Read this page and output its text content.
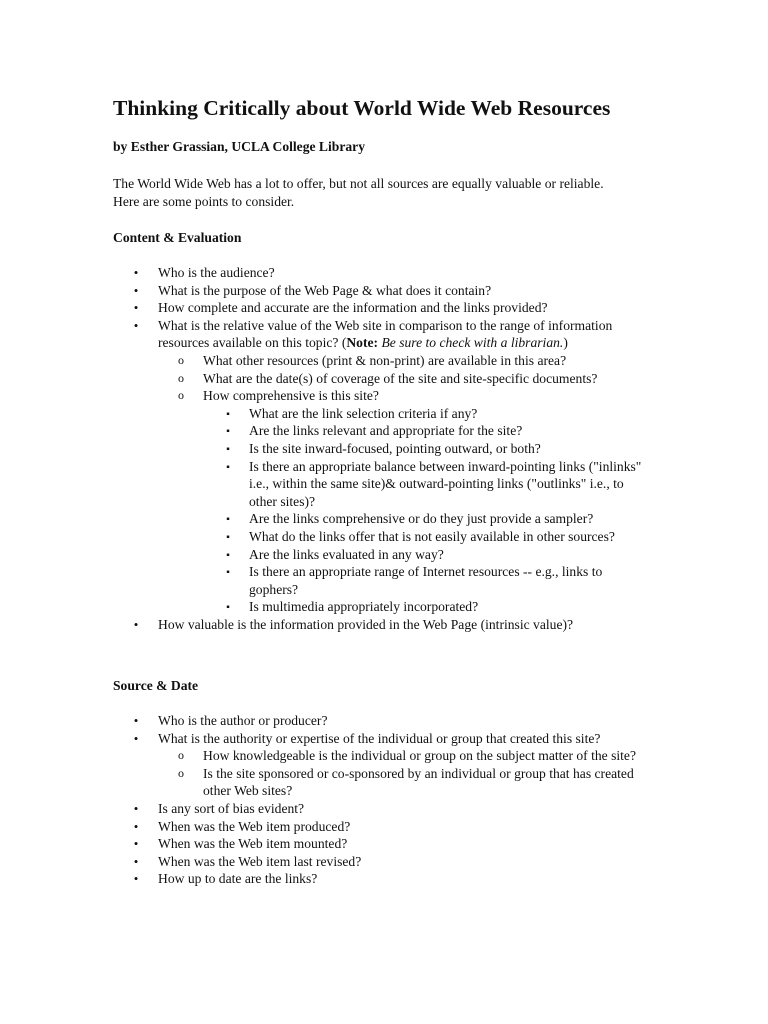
Thinking Critically about World Wide Web Resources

by Esther Grassian, UCLA College Library

The World Wide Web has a lot to offer, but not all sources are equally valuable or reliable. Here are some points to consider.

Content & Evaluation
•	Who is the audience?
•	What is the purpose of the Web Page & what does it contain?
•	How complete and accurate are the information and the links provided?
•	What is the relative value of the Web site in comparison to the range of information resources available on this topic? (Note: Be sure to check with a librarian.)
o What other resources (print & non-print) are available in this area?
o What are the date(s) of coverage of the site and site-specific documents?
o How comprehensive is this site?
▪	What are the link selection criteria if any?
▪	Are the links relevant and appropriate for the site?
▪	Is the site inward-focused, pointing outward, or both?
▪	Is there an appropriate balance between inward-pointing links ("inlinks" i.e., within the same site)& outward-pointing links ("outlinks" i.e., to other sites)?
▪	Are the links comprehensive or do they just provide a sampler?
▪	What do the links offer that is not easily available in other sources?
▪	Are the links evaluated in any way?
▪	Is there an appropriate range of Internet resources -- e.g., links to gophers?
▪	Is multimedia appropriately incorporated?
•	How valuable is the information provided in the Web Page (intrinsic value)?
Source & Date
•	Who is the author or producer?
•	What is the authority or expertise of the individual or group that created this site?
o How knowledgeable is the individual or group on the subject matter of the site?
o Is the site sponsored or co-sponsored by an individual or group that has created other Web sites?
•	Is any sort of bias evident?
•	When was the Web item produced?
•	When was the Web item mounted?
•	When was the Web item last revised?
•	How up to date are the links?
